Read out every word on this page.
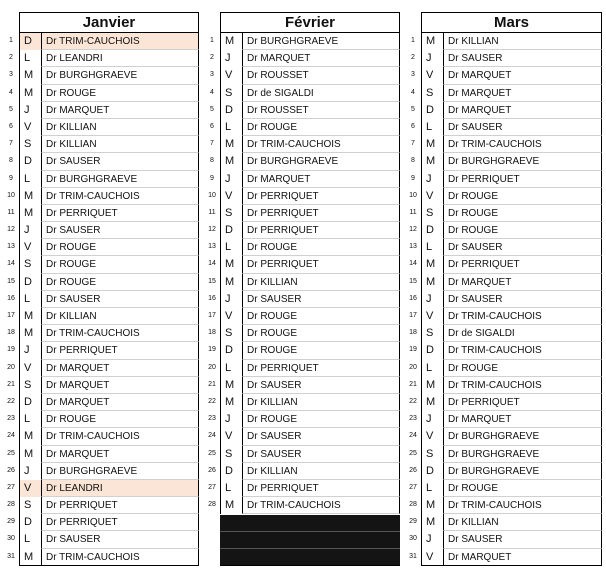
Janvier
1	D	Dr TRIM-CAUCHOIS
2	L	Dr LEANDRI
3	M	Dr BURGHGRAEVE
4	M	Dr ROUGE
5	J	Dr MARQUET
6	V	Dr KILLIAN
7	S	Dr KILLIAN
8	D	Dr SAUSER
9	L	Dr BURGHGRAEVE
10 M	Dr TRIM-CAUCHOIS
11 M	Dr PERRIQUET
12 J	Dr SAUSER
13 V	Dr ROUGE
14 S	Dr ROUGE
15 D	Dr ROUGE
16 L	Dr SAUSER
17 M	Dr KILLIAN
18 M	Dr TRIM-CAUCHOIS
19 J	Dr PERRIQUET
20 V	Dr MARQUET
21 S	Dr MARQUET
22 D	Dr MARQUET
23 L	Dr ROUGE
24 M	Dr TRIM-CAUCHOIS
25 M	Dr MARQUET
26 J	Dr BURGHGRAEVE
27 V	Dr LEANDRI
28 S	Dr PERRIQUET
29 D	Dr PERRIQUET
30 L	Dr SAUSER
31 M	Dr TRIM-CAUCHOIS
Février
1	M	Dr BURGHGRAEVE
2	J	Dr MARQUET
3	V	Dr ROUSSET
4	S	Dr de SIGALDI
5	D	Dr ROUSSET
6	L	Dr ROUGE
7	M	Dr TRIM-CAUCHOIS
8	M	Dr BURGHGRAEVE
9	J	Dr MARQUET
10 V	Dr PERRIQUET
11 S	Dr PERRIQUET
12 D	Dr PERRIQUET
13 L	Dr ROUGE
14 M	Dr PERRIQUET
15 M	Dr KILLIAN
16 J	Dr SAUSER
17 V	Dr ROUGE
18 S	Dr ROUGE
19 D	Dr ROUGE
20 L	Dr PERRIQUET
21 M	Dr SAUSER
22 M	Dr KILLIAN
23 J	Dr ROUGE
24 V	Dr SAUSER
25 S	Dr SAUSER
26 D	Dr KILLIAN
27 L	Dr PERRIQUET
28 M	Dr TRIM-CAUCHOIS
Mars
1	M	Dr KILLIAN
2	J	Dr SAUSER
3	V	Dr MARQUET
4	S	Dr MARQUET
5	D	Dr MARQUET
6	L	Dr SAUSER
7	M	Dr TRIM-CAUCHOIS
8	M	Dr BURGHGRAEVE
9	J	Dr PERRIQUET
10 V	Dr ROUGE
11 S	Dr ROUGE
12 D	Dr ROUGE
13 L	Dr SAUSER
14 M	Dr PERRIQUET
15 M	Dr MARQUET
16 J	Dr SAUSER
17 V	Dr TRIM-CAUCHOIS
18 S	Dr de SIGALDI
19 D	Dr TRIM-CAUCHOIS
20 L	Dr ROUGE
21 M	Dr TRIM-CAUCHOIS
22 M	Dr PERRIQUET
23 J	Dr MARQUET
24 V	Dr BURGHGRAEVE
25 S	Dr BURGHGRAEVE
26 D	Dr BURGHGRAEVE
27 L	Dr ROUGE
28 M	Dr TRIM-CAUCHOIS
29 M	Dr KILLIAN
30 J	Dr SAUSER
31 V	Dr MARQUET
